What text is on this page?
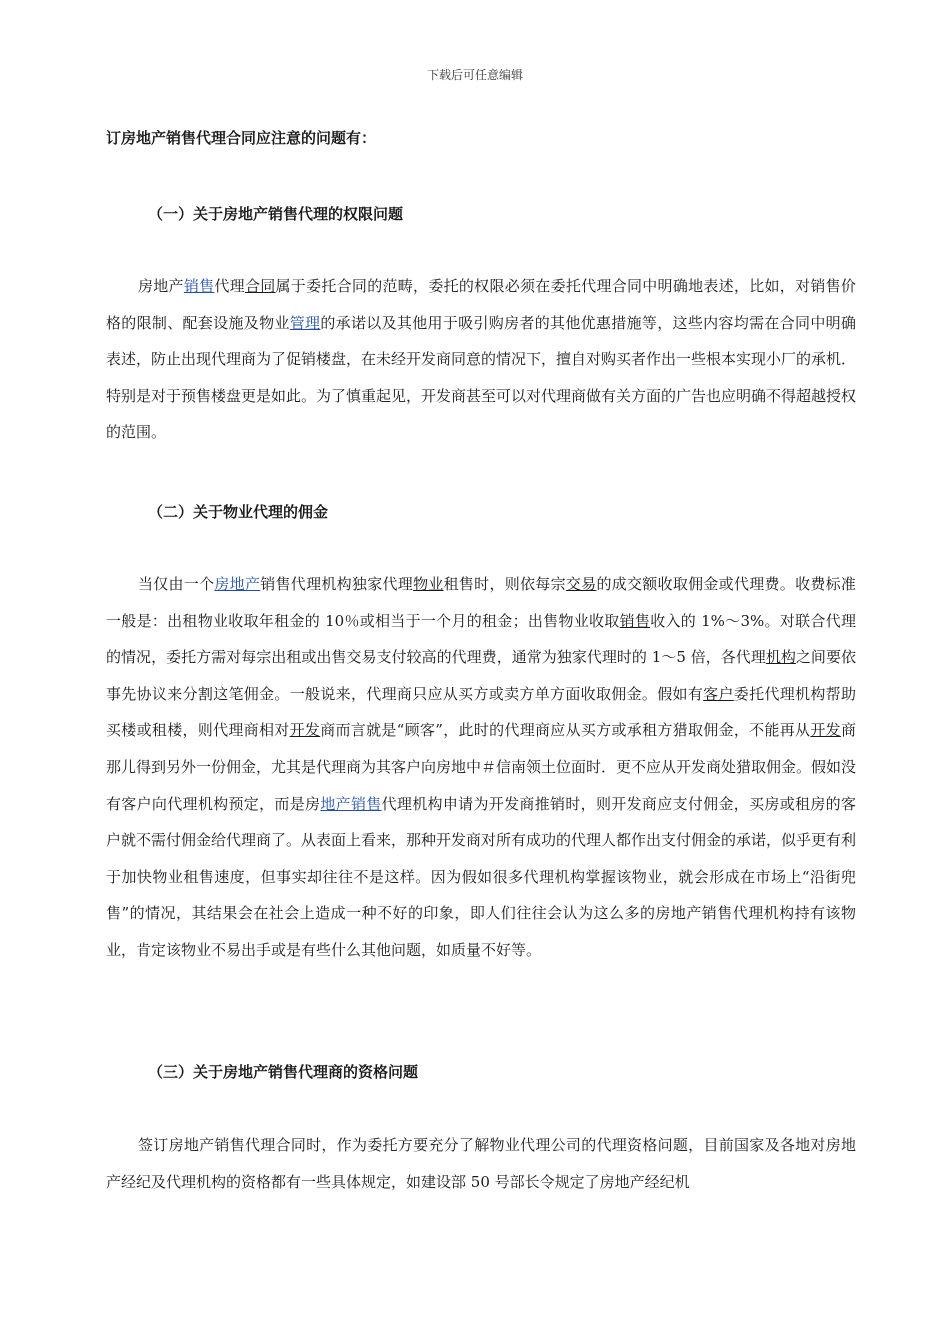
下载后可任意编辑
订房地产销售代理合同应注意的问题有：
（一）关于房地产销售代理的权限问题

房地产销售代理合同属于委托合同的范畴，委托的权限必须在委托代理合同中明确地表述，比如，对销售价格的限制、配套设施及物业管理的承诺以及其他用于吸引购房者的其他优惠措施等，这些内容均需在合同中明确表述，防止出现代理商为了促销楼盘，在未经开发商同意的情况下，擅自对购买者作出一些根本实现小厂的承机．特别是对于预售楼盘更是如此。为了慎重起见，开发商甚至可以对代理商做有关方面的广告也应明确不得超越授权的范围。

（二）关于物业代理的佣金

当仅由一个房地产销售代理机构独家代理物业租售时，则依每宗交易的成交额收取佣金或代理费。收费标准一般是：出租物业收取年租金的 10％或相当于一个月的租金；出售物业收取销售收入的 1%～3%。对联合代理的情况，委托方需对每宗出租或出售交易支付较高的代理费，通常为独家代理时的 1～5 倍，各代理机构之间要依事先协议来分割这笔佣金。一般说来，代理商只应从买方或卖方单方面收取佣金。假如有客户委托代理机构帮助买楼或租楼，则代理商相对开发商而言就是“顾客”，此时的代理商应从买方或承租方猎取佣金，不能再从开发商那儿得到另外一份佣金，尤其是代理商为其客户向房地中＃信南领土位面时．更不应从开发商处猎取佣金。假如没有客户向代理机构预定，而是房地产销售代理机构申请为开发商推销时，则开发商应支付佣金，买房或租房的客户就不需付佣金给代理商了。从表面上看来，那种开发商对所有成功的代理人都作出支付佣金的承诺，似乎更有利于加快物业租售速度，但事实却往往不是这样。因为假如很多代理机构掌握该物业，就会形成在市场上“沿街兜售”的情况，其结果会在社会上造成一种不好的印象，即人们往往会认为这么多的房地产销售代理机构持有该物业，肯定该物业不易出手或是有些什么其他问题，如质量不好等。

（三）关于房地产销售代理商的资格问题

签订房地产销售代理合同时，作为委托方要充分了解物业代理公司的代理资格问题，目前国家及各地对房地产经纪及代理机构的资格都有一些具体规定，如建设部 50 号部长令规定了房地产经纪机
